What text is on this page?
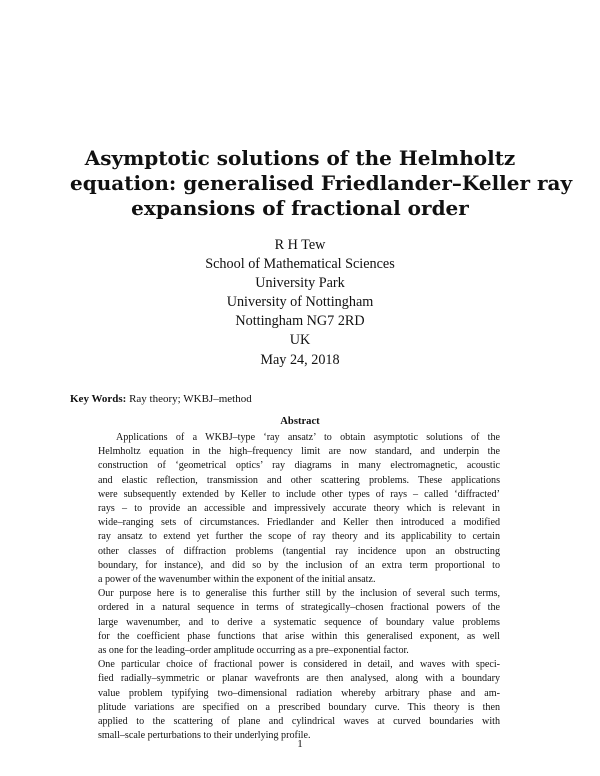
Asymptotic solutions of the Helmholtz
equation: generalised Friedlander–Keller ray
expansions of fractional order
R H Tew
School of Mathematical Sciences
University Park
University of Nottingham
Nottingham NG7 2RD
UK
May 24, 2018
Key Words: Ray theory; WKBJ–method
Abstract
Applications of a WKBJ–type ‘ray ansatz’ to obtain asymptotic solutions of the
Helmholtz equation in the high–frequency limit are now standard, and underpin the
construction of ‘geometrical optics’ ray diagrams in many electromagnetic, acoustic
and elastic reflection, transmission and other scattering problems. These applications
were subsequently extended by Keller to include other types of rays – called ‘diffracted’
rays – to provide an accessible and impressively accurate theory which is relevant in
wide–ranging sets of circumstances. Friedlander and Keller then introduced a modified
ray ansatz to extend yet further the scope of ray theory and its applicability to certain
other classes of diffraction problems (tangential ray incidence upon an obstructing
boundary, for instance), and did so by the inclusion of an extra term proportional to
a power of the wavenumber within the exponent of the initial ansatz.
Our purpose here is to generalise this further still by the inclusion of several such terms,
ordered in a natural sequence in terms of strategically–chosen fractional powers of the
large wavenumber, and to derive a systematic sequence of boundary value problems
for the coefficient phase functions that arise within this generalised exponent, as well
as one for the leading–order amplitude occurring as a pre–exponential factor.
One particular choice of fractional power is considered in detail, and waves with speci-
fied radially–symmetric or planar wavefronts are then analysed, along with a boundary
value problem typifying two–dimensional radiation whereby arbitrary phase and am-
plitude variations are specified on a prescribed boundary curve. This theory is then
applied to the scattering of plane and cylindrical waves at curved boundaries with
small–scale perturbations to their underlying profile.
1
